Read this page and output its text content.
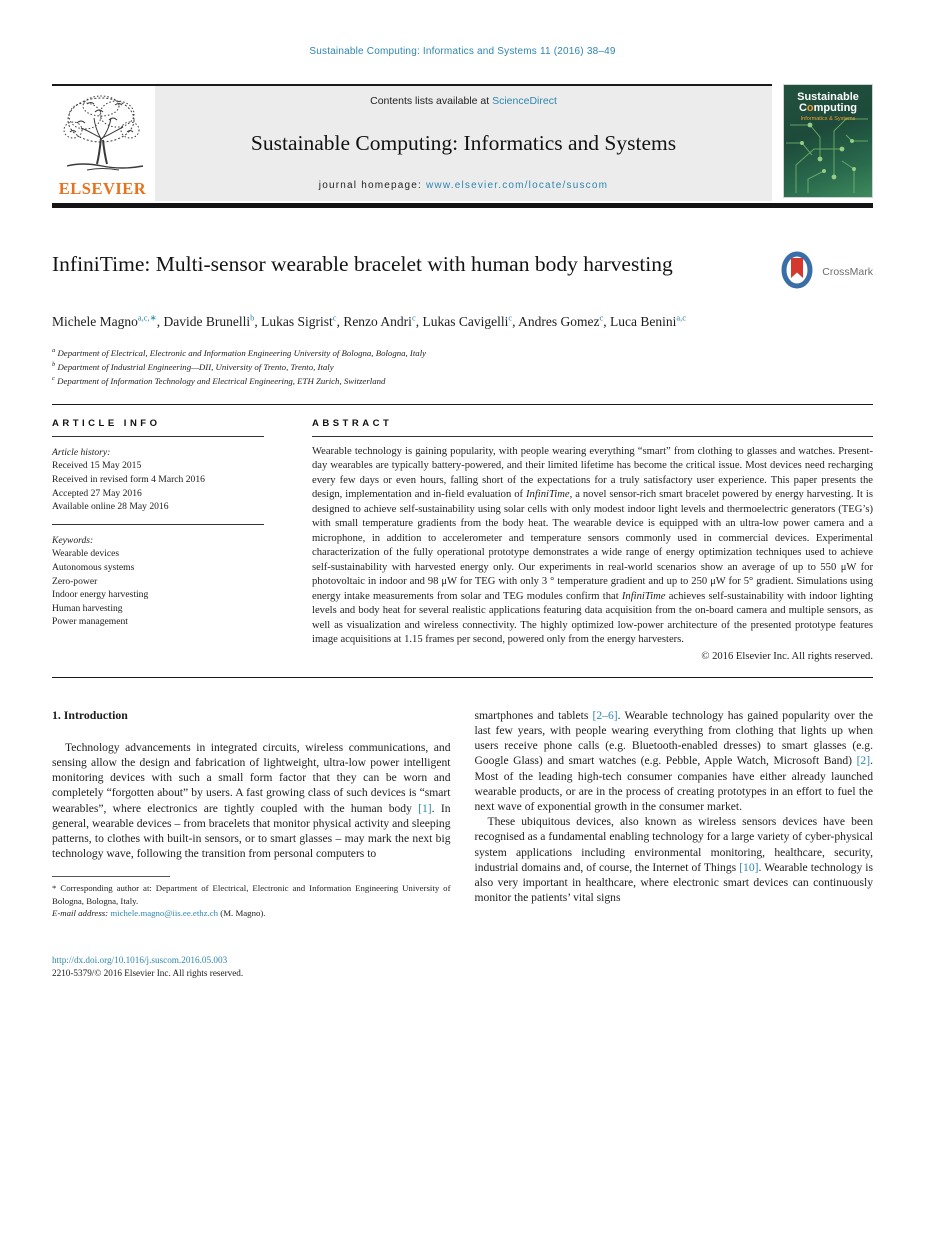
Sustainable Computing: Informatics and Systems 11 (2016) 38–49
ELSEVIER
Contents lists available at ScienceDirect
Sustainable Computing: Informatics and Systems
journal homepage: www.elsevier.com/locate/suscom
Sustainable
Computing
Informatics & Systems
InfiniTime: Multi-sensor wearable bracelet with human body harvesting	CrossMark
Michele Magno$^{a,c,∗}$, Davide Brunelli$^b$, Lukas Sigrist$^c$, Renzo Andri$^c$, Lukas Cavigelli$^c$, Andres Gomez$^c$, Luca Benini$^{a,c}$
$^a$ Department of Electrical, Electronic and Information Engineering University of Bologna, Bologna, Italy
$^b$ Department of Industrial Engineering—DII, University of Trento, Trento, Italy
$^c$ Department of Information Technology and Electrical Engineering, ETH Zurich, Switzerland
ARTICLE INFO
Article history:
Received 15 May 2015
Received in revised form 4 March 2016
Accepted 27 May 2016
Available online 28 May 2016
Keywords:
Wearable devices
Autonomous systems
Zero-power
Indoor energy harvesting
Human harvesting
Power management
ABSTRACT
Wearable technology is gaining popularity, with people wearing everything “smart” from clothing to glasses and watches. Present-day wearables are typically battery-powered, and their limited lifetime has become the critical issue. Most devices need recharging every few days or even hours, falling short of the expectations for a truly satisfactory user experience. This paper presents the design, implementation and in-field evaluation of InfiniTime, a novel sensor-rich smart bracelet powered by energy harvesting. It is designed to achieve self-sustainability using solar cells with only modest indoor light levels and thermoelectric generators (TEG’s) with small temperature gradients from the body heat. The wearable device is equipped with an ultra-low power camera and a microphone, in addition to accelerometer and temperature sensors commonly used in commercial devices. Experimental characterization of the fully operational prototype demonstrates a wide range of energy optimization techniques used to achieve self-sustainability with harvested energy only. Our experiments in real-world scenarios show an average of up to 550 μW for photovoltaic in indoor and 98 μW for TEG with only 3 ° temperature gradient and up to 250 μW for 5° gradient. Simulations using energy intake measurements from solar and TEG modules confirm that InfiniTime achieves self-sustainability with indoor lighting levels and body heat for several realistic applications featuring data acquisition from the on-board camera and multiple sensors, as well as visualization and wireless connectivity. The highly optimized low-power architecture of the presented prototype features image acquisitions at 1.15 frames per second, powered only from the energy harvesters.
© 2016 Elsevier Inc. All rights reserved.
1. Introduction

Technology advancements in integrated circuits, wireless communications, and sensing allow the design and fabrication of lightweight, ultra-low power intelligent monitoring devices with such a small form factor that they can be worn and completely “forgotten about” by users. A fast growing class of such devices is “smart wearables”, where electronics are tightly coupled with the human body [1]. In general, wearable devices – from bracelets that monitor physical activity and sleeping patterns, to clothes with built-in sensors, or to smart glasses – may mark the next big technology wave, following the transition from personal computers to

* Corresponding author at: Department of Electrical, Electronic and Information Engineering University of Bologna, Bologna, Italy.
E-mail address: michele.magno@iis.ee.ethz.ch (M. Magno).
http://dx.doi.org/10.1016/j.suscom.2016.05.003
2210-5379/© 2016 Elsevier Inc. All rights reserved.

smartphones and tablets [2–6]. Wearable technology has gained popularity over the last few years, with people wearing everything from clothing that lights up when users receive phone calls (e.g. Bluetooth-enabled dresses) to smart glasses (e.g. Google Glass) and smart watches (e.g. Pebble, Apple Watch, Microsoft Band) [2]. Most of the leading high-tech consumer companies have either already launched wearable products, or are in the process of creating prototypes in an effort to fuel the next wave of exponential growth in the consumer market.

These ubiquitous devices, also known as wireless sensors devices have been recognised as a fundamental enabling technology for a large variety of cyber-physical system applications including environmental monitoring, healthcare, security, industrial domains and, of course, the Internet of Things [10]. Wearable technology is also very important in healthcare, where electronic smart devices can continuously monitor the patients’ vital signs
